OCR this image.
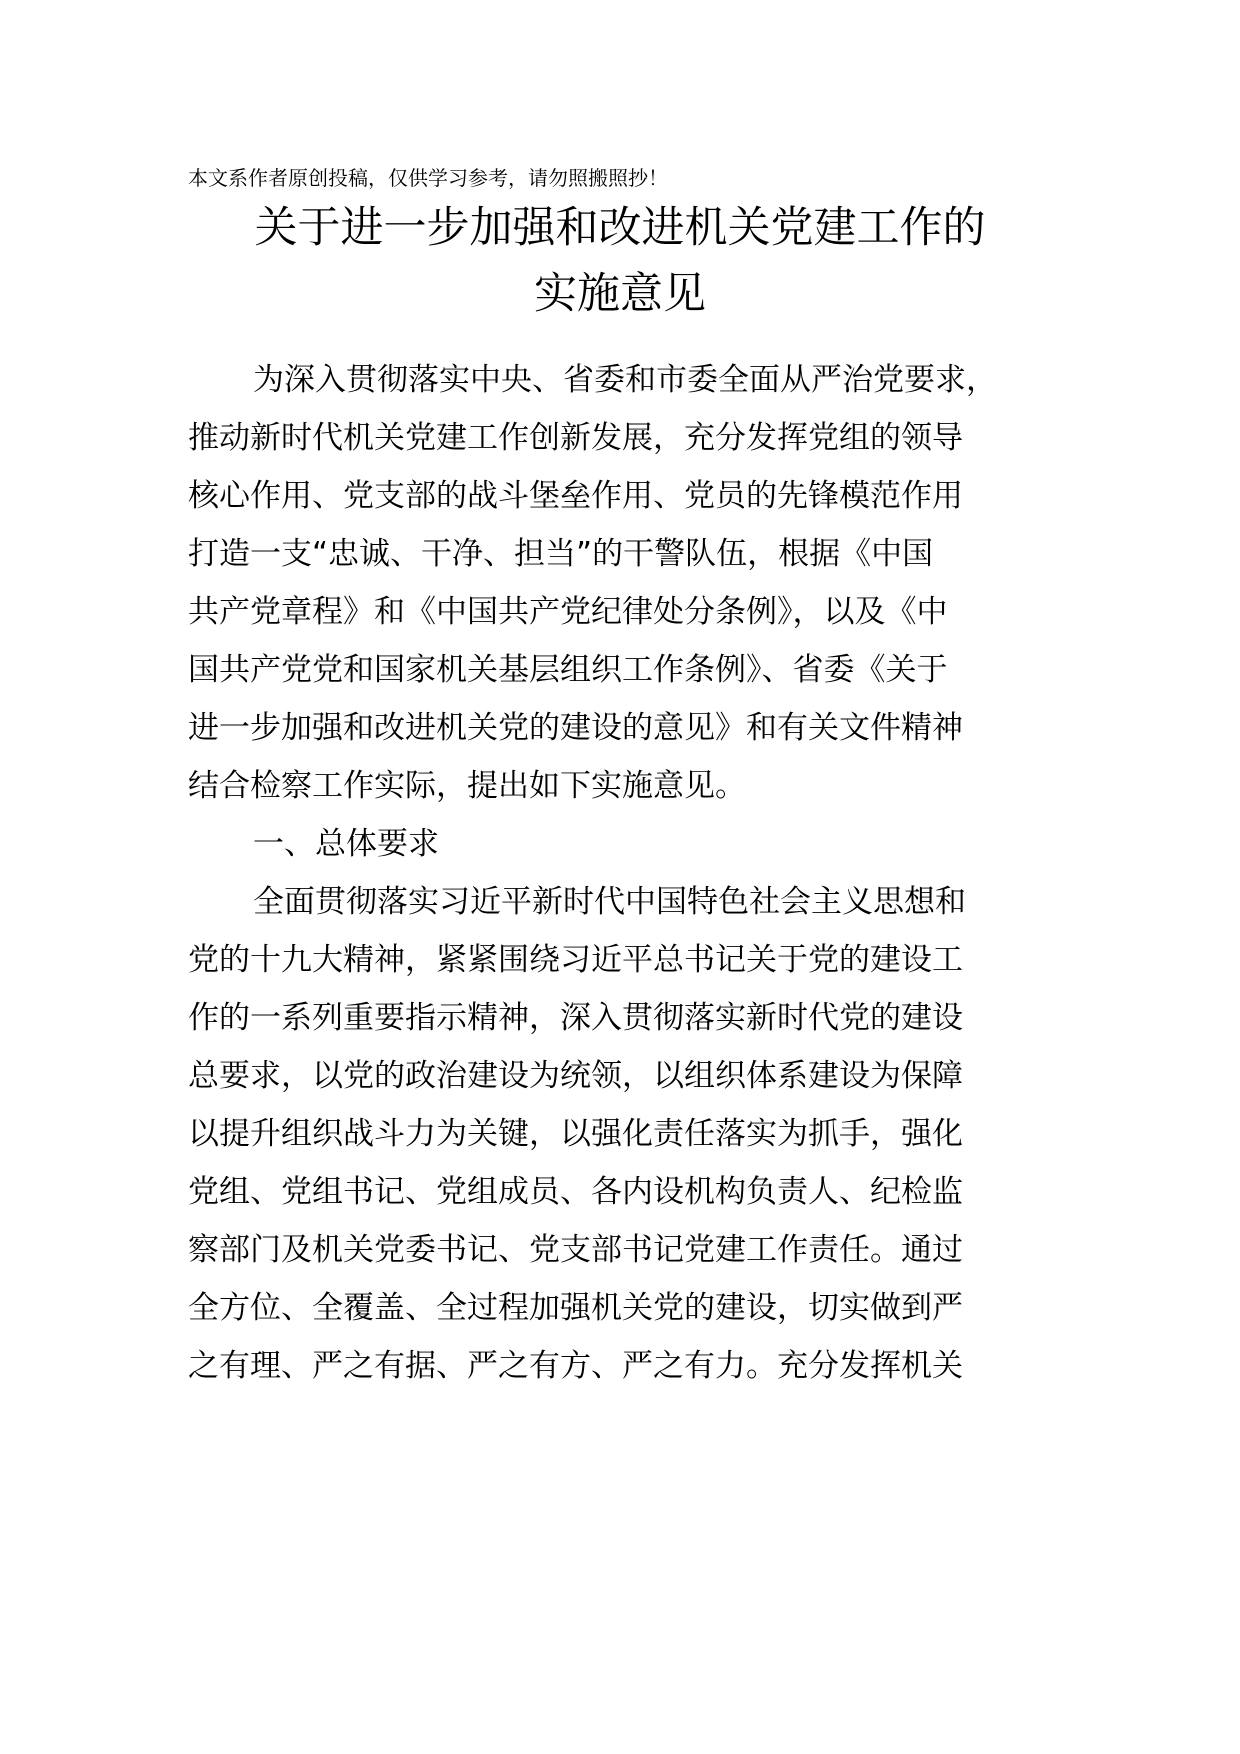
本文系作者原创投稿，仅供学习参考，请勿照搬照抄！
关于进一步加强和改进机关党建工作的
实施意见
为深入贯彻落实中央、省委和市委全面从严治党要求，
推动新时代机关党建工作创新发展，充分发挥党组的领导
核心作用、党支部的战斗堡垒作用、党员的先锋模范作用
打造一支“忠诚、干净、担当”的干警队伍，根据《中国
共产党章程》和《中国共产党纪律处分条例》，以及《中
国共产党党和国家机关基层组织工作条例》、省委《关于
进一步加强和改进机关党的建设的意见》和有关文件精神
结合检察工作实际，提出如下实施意见。
一、总体要求
全面贯彻落实习近平新时代中国特色社会主义思想和
党的十九大精神，紧紧围绕习近平总书记关于党的建设工
作的一系列重要指示精神，深入贯彻落实新时代党的建设
总要求，以党的政治建设为统领，以组织体系建设为保障
以提升组织战斗力为关键，以强化责任落实为抓手，强化
党组、党组书记、党组成员、各内设机构负责人、纪检监
察部门及机关党委书记、党支部书记党建工作责任。通过
全方位、全覆盖、全过程加强机关党的建设，切实做到严
之有理、严之有据、严之有方、严之有力。充分发挥机关
